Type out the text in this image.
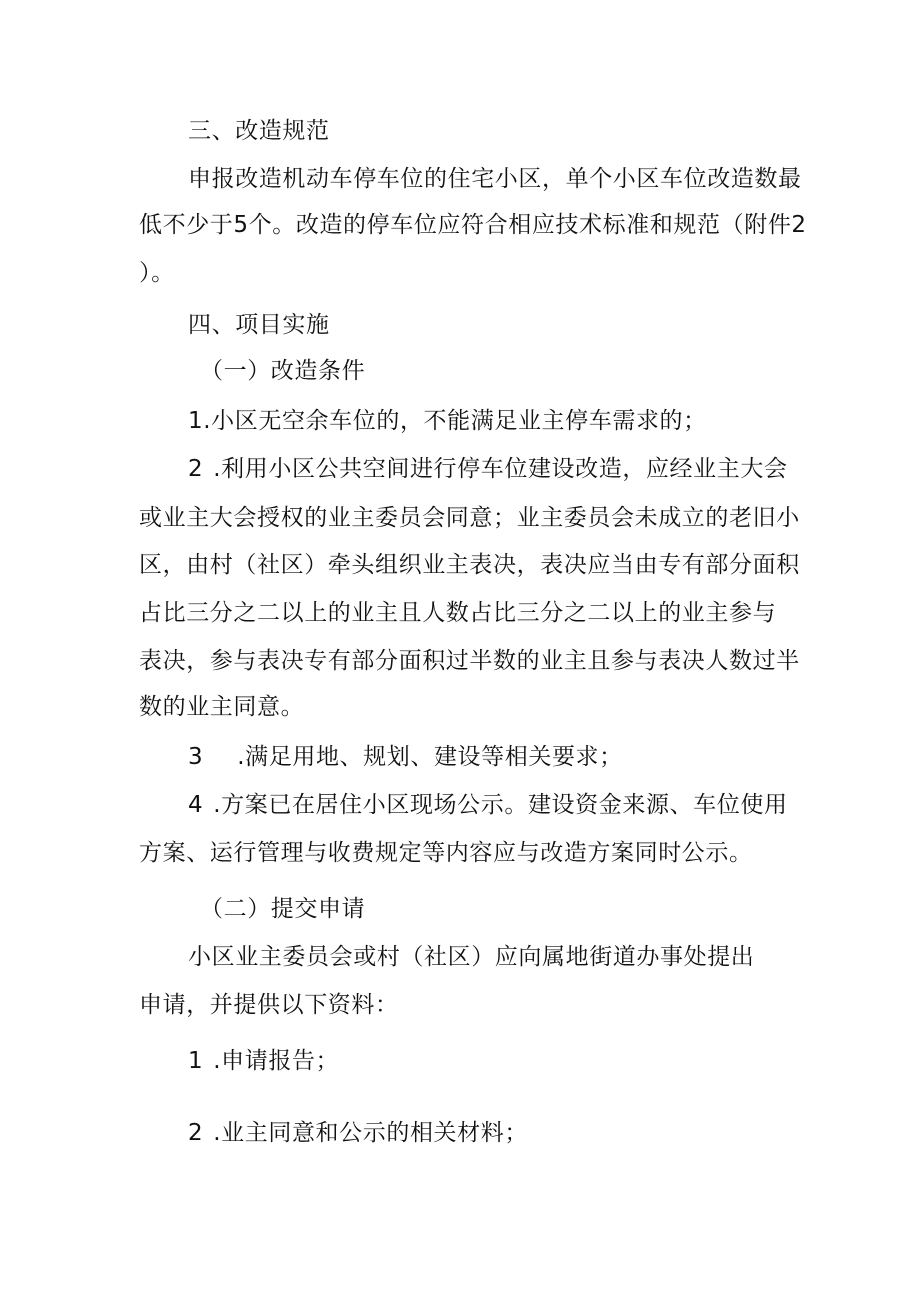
三、改造规范
申报改造机动车停车位的住宅小区，单个小区车位改造数最
低不少于5个。改造的停车位应符合相应技术标准和规范（附件2
）。
四、项目实施
（一）改造条件
1.小区无空余车位的，不能满足业主停车需求的；
2 .利用小区公共空间进行停车位建设改造，应经业主大会
或业主大会授权的业主委员会同意；业主委员会未成立的老旧小
区，由村（社区）牵头组织业主表决，表决应当由专有部分面积
占比三分之二以上的业主且人数占比三分之二以上的业主参与
表决，参与表决专有部分面积过半数的业主且参与表决人数过半
数的业主同意。
3 .满足用地、规划、建设等相关要求；
4 .方案已在居住小区现场公示。建设资金来源、车位使用
方案、运行管理与收费规定等内容应与改造方案同时公示。
（二）提交申请
小区业主委员会或村（社区）应向属地街道办事处提出
申请，并提供以下资料：
1 .申请报告；
2 .业主同意和公示的相关材料；
